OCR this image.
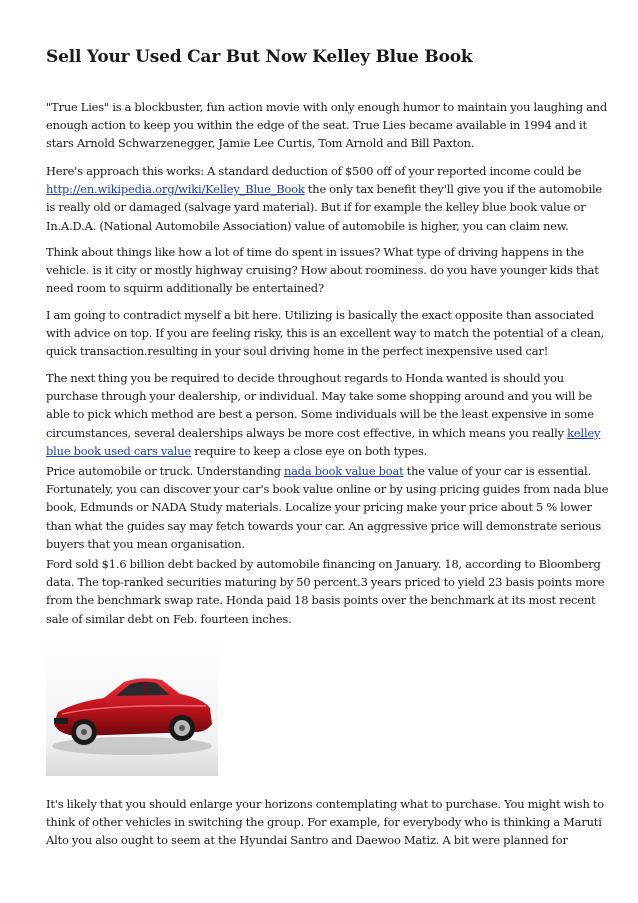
Sell Your Used Car But Now Kelley Blue Book

"True Lies" is a blockbuster, fun action movie with only enough humor to maintain you laughing and
enough action to keep you within the edge of the seat. True Lies became available in 1994 and it
stars Arnold Schwarzenegger, Jamie Lee Curtis, Tom Arnold and Bill Paxton.

Here's approach this works: A standard deduction of $500 off of your reported income could be
http://en.wikipedia.org/wiki/Kelley_Blue_Book the only tax benefit they'll give you if the automobile
is really old or damaged (salvage yard material). But if for example the kelley blue book value or
In.A.D.A. (National Automobile Association) value of automobile is higher, you can claim new.

Think about things like how a lot of time do spent in issues? What type of driving happens in the
vehicle. is it city or mostly highway cruising? How about roominess. do you have younger kids that
need room to squirm additionally be entertained?

I am going to contradict myself a bit here. Utilizing is basically the exact opposite than associated
with advice on top. If you are feeling risky, this is an excellent way to match the potential of a clean,
quick transaction.resulting in your soul driving home in the perfect inexpensive used car!

The next thing you be required to decide throughout regards to Honda wanted is should you
purchase through your dealership, or individual. May take some shopping around and you will be
able to pick which method are best a person. Some individuals will be the least expensive in some
circumstances, several dealerships always be more cost effective, in which means you really kelley
blue book used cars value require to keep a close eye on both types.

Price automobile or truck. Understanding nada book value boat the value of your car is essential.
Fortunately, you can discover your car's book value online or by using pricing guides from nada blue
book, Edmunds or NADA Study materials. Localize your pricing make your price about 5 % lower
than what the guides say may fetch towards your car. An aggressive price will demonstrate serious
buyers that you mean organisation.

Ford sold $1.6 billion debt backed by automobile financing on January. 18, according to Bloomberg
data. The top-ranked securities maturing by 50 percent.3 years priced to yield 23 basis points more
from the benchmark swap rate. Honda paid 18 basis points over the benchmark at its most recent
sale of similar debt on Feb. fourteen inches.

It's likely that you should enlarge your horizons contemplating what to purchase. You might wish to
think of other vehicles in switching the group. For example, for everybody who is thinking a Maruti
Alto you also ought to seem at the Hyundai Santro and Daewoo Matiz. A bit were planned for
